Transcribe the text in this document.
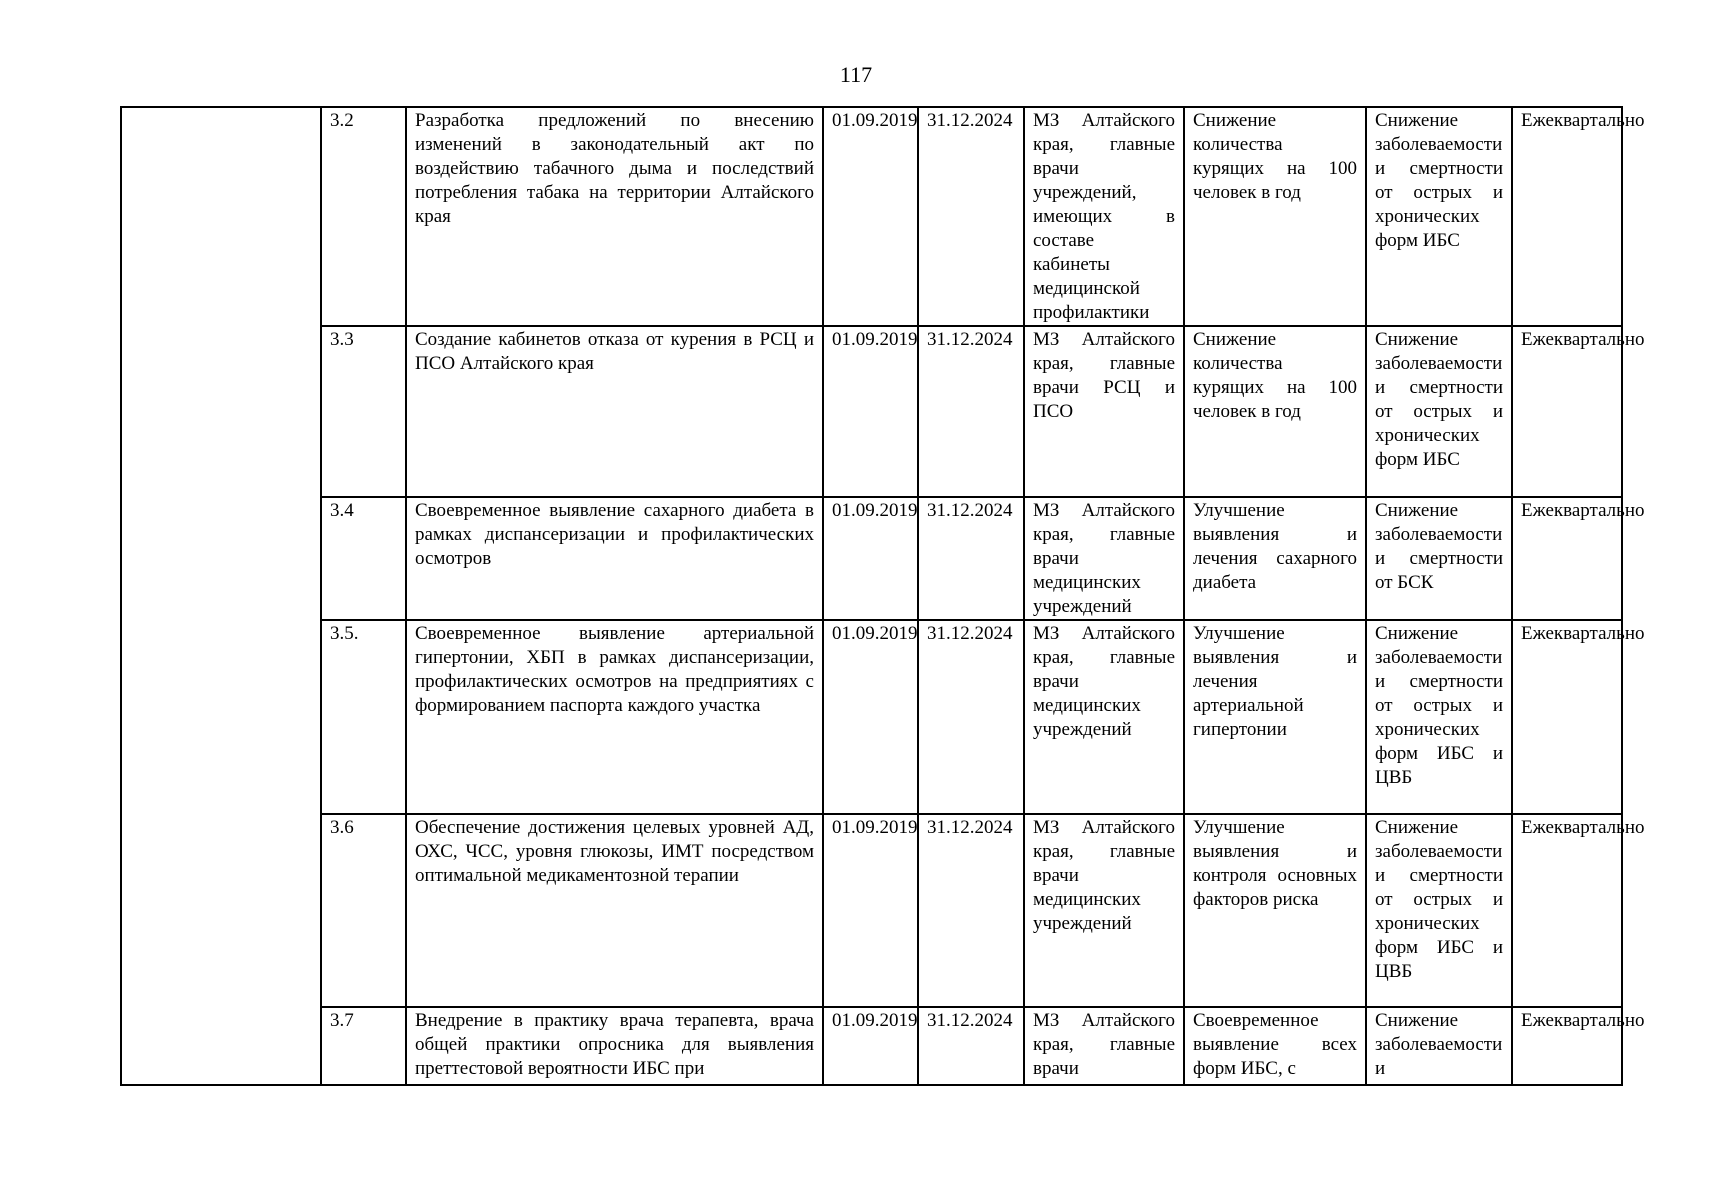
117
	3.2	Разработка предложений по внесению изменений в законодательный акт по воздействию табачного дыма и последствий потребления табака на территории Алтайского края	01.09.2019	31.12.2024	МЗ Алтайского края, главные врачи учреждений, имеющих в составе кабинеты медицинской профилактики	Снижение количества курящих на 100 человек в год	Снижение заболеваемости и смертности от острых и хронических форм ИБС	Ежеквартально
	3.3	Создание кабинетов отказа от курения в РСЦ и ПСО Алтайского края	01.09.2019	31.12.2024	МЗ Алтайского края, главные врачи РСЦ и ПСО	Снижение количества курящих на 100 человек в год	Снижение заболеваемости и смертности от острых и хронических форм ИБС	Ежеквартально
	3.4	Своевременное выявление сахарного диабета в рамках диспансеризации и профилактических осмотров	01.09.2019	31.12.2024	МЗ Алтайского края, главные врачи медицинских учреждений	Улучшение выявления и лечения сахарного диабета	Снижение заболеваемости и смертности от БСК	Ежеквартально
	3.5.	Своевременное выявление артериальной гипертонии, ХБП в рамках диспансеризации, профилактических осмотров на предприятиях с формированием паспорта каждого участка	01.09.2019	31.12.2024	МЗ Алтайского края, главные врачи медицинских учреждений	Улучшение выявления и лечения артериальной гипертонии	Снижение заболеваемости и смертности от острых и хронических форм ИБС и ЦВБ	Ежеквартально
	3.6	Обеспечение достижения целевых уровней АД, ОХС, ЧСС, уровня глюкозы, ИМТ посредством оптимальной медикаментозной терапии	01.09.2019	31.12.2024	МЗ Алтайского края, главные врачи медицинских учреждений	Улучшение выявления и контроля основных факторов риска	Снижение заболеваемости и смертности от острых и хронических форм ИБС и ЦВБ	Ежеквартально
	3.7	Внедрение в практику врача терапевта, врача общей практики опросника для выявления преттестовой вероятности ИБС при	01.09.2019	31.12.2024	МЗ Алтайского края, главные врачи	Своевременное выявление всех форм ИБС, с	Снижение заболеваемости и	Ежеквартально
